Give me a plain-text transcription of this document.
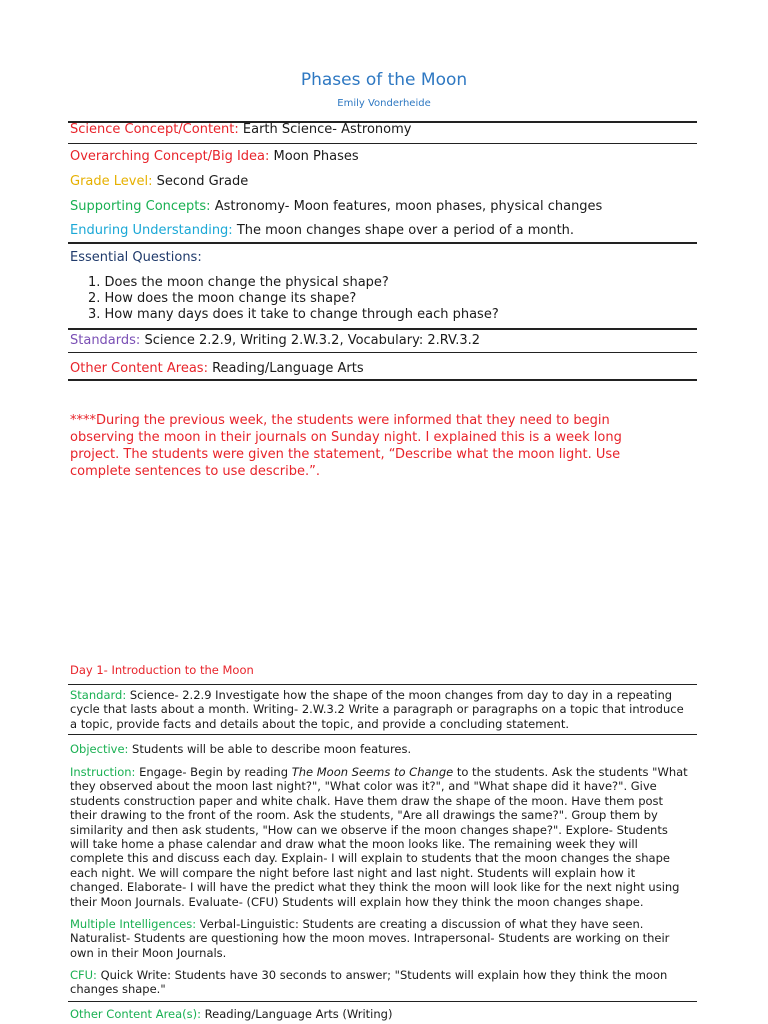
Phases of the Moon
Emily Vonderheide
Science Concept/Content: Earth Science- Astronomy
Overarching Concept/Big Idea: Moon Phases
Grade Level: Second Grade
Supporting Concepts: Astronomy- Moon features, moon phases, physical changes
Enduring Understanding: The moon changes shape over a period of a month.
Essential Questions:
1. Does the moon change the physical shape?
2. How does the moon change its shape?
3. How many days does it take to change through each phase?
Standards: Science 2.2.9, Writing 2.W.3.2, Vocabulary: 2.RV.3.2
Other Content Areas: Reading/Language Arts
****During the previous week, the students were informed that they need to begin
observing the moon in their journals on Sunday night. I explained this is a week long
project. The students were given the statement, “Describe what the moon light. Use
complete sentences to use describe.”.
Day 1- Introduction to the Moon
Standard: Science- 2.2.9 Investigate how the shape of the moon changes from day to day in a repeating
cycle that lasts about a month. Writing- 2.W.3.2 Write a paragraph or paragraphs on a topic that introduce
a topic, provide facts and details about the topic, and provide a concluding statement.
Objective: Students will be able to describe moon features.
Instruction: Engage- Begin by reading The Moon Seems to Change to the students. Ask the students "What
they observed about the moon last night?", "What color was it?", and "What shape did it have?". Give
students construction paper and white chalk. Have them draw the shape of the moon. Have them post
their drawing to the front of the room. Ask the students, "Are all drawings the same?". Group them by
similarity and then ask students, "How can we observe if the moon changes shape?". Explore- Students
will take home a phase calendar and draw what the moon looks like. The remaining week they will
complete this and discuss each day. Explain- I will explain to students that the moon changes the shape
each night. We will compare the night before last night and last night. Students will explain how it
changed. Elaborate- I will have the predict what they think the moon will look like for the next night using
their Moon Journals. Evaluate- (CFU) Students will explain how they think the moon changes shape.
Multiple Intelligences: Verbal-Linguistic: Students are creating a discussion of what they have seen.
Naturalist- Students are questioning how the moon moves. Intrapersonal- Students are working on their
own in their Moon Journals.
CFU: Quick Write: Students have 30 seconds to answer; "Students will explain how they think the moon
changes shape."
Other Content Area(s): Reading/Language Arts (Writing)
